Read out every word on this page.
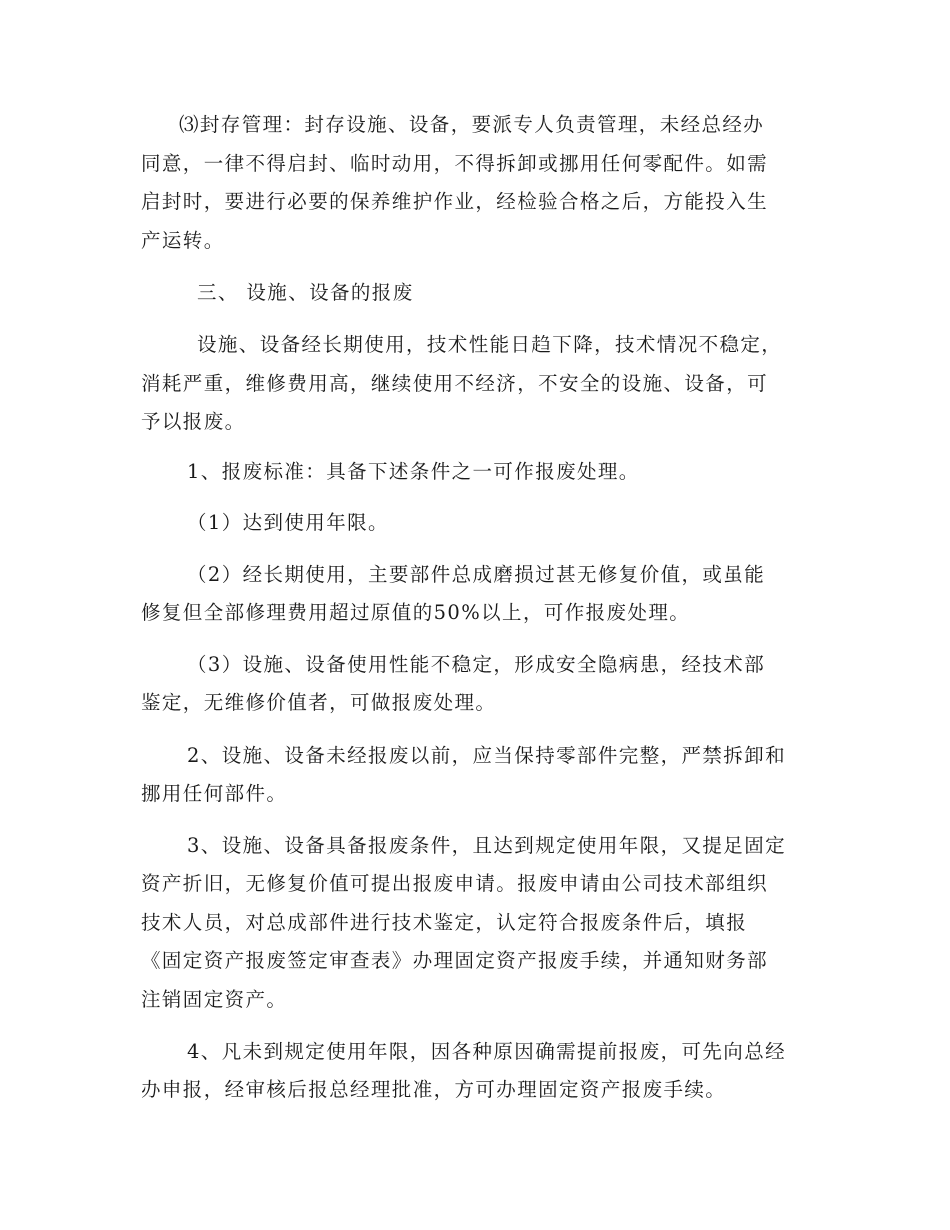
⑶封存管理：封存设施、设备，要派专人负责管理，未经总经办
同意，一律不得启封、临时动用，不得拆卸或挪用任何零配件。如需
启封时，要进行必要的保养维护作业，经检验合格之后，方能投入生
产运转。
三、 设施、设备的报废
设施、设备经长期使用，技术性能日趋下降，技术情况不稳定，
消耗严重，维修费用高，继续使用不经济，不安全的设施、设备，可
予以报废。
1、报废标准：具备下述条件之一可作报废处理。
（1）达到使用年限。
（2）经长期使用，主要部件总成磨损过甚无修复价值，或虽能
修复但全部修理费用超过原值的50%以上，可作报废处理。
（3）设施、设备使用性能不稳定，形成安全隐病患，经技术部
鉴定，无维修价值者，可做报废处理。
2、设施、设备未经报废以前，应当保持零部件完整，严禁拆卸和
挪用任何部件。
3、设施、设备具备报废条件，且达到规定使用年限，又提足固定
资产折旧，无修复价值可提出报废申请。报废申请由公司技术部组织
技术人员，对总成部件进行技术鉴定，认定符合报废条件后，填报
《固定资产报废签定审查表》办理固定资产报废手续，并通知财务部
注销固定资产。
4、凡未到规定使用年限，因各种原因确需提前报废，可先向总经
办申报，经审核后报总经理批准，方可办理固定资产报废手续。
